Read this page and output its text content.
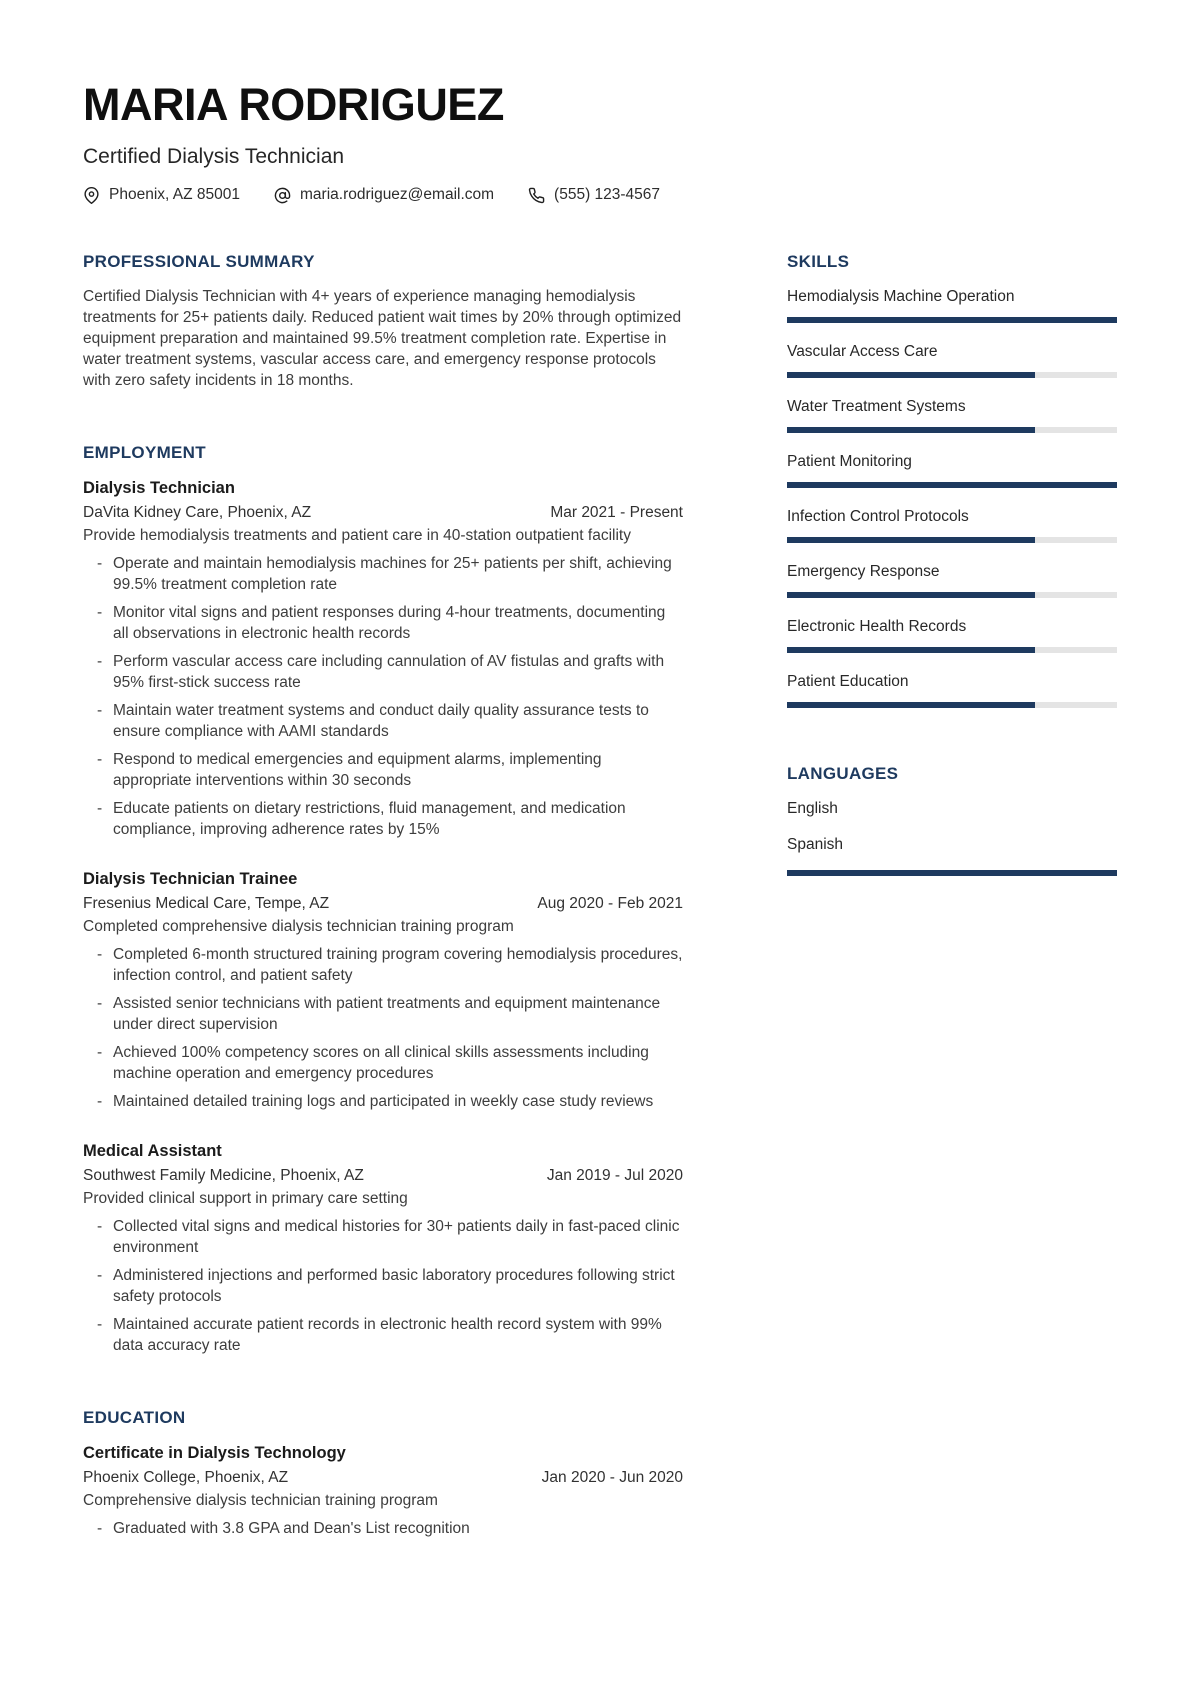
MARIA RODRIGUEZ
Certified Dialysis Technician
Phoenix, AZ 85001	maria.rodriguez@email.com	(555) 123-4567
PROFESSIONAL SUMMARY

Certified Dialysis Technician with 4+ years of experience managing hemodialysis treatments for 25+ patients daily. Reduced patient wait times by 20% through optimized equipment preparation and maintained 99.5% treatment completion rate. Expertise in water treatment systems, vascular access care, and emergency response protocols with zero safety incidents in 18 months.

EMPLOYMENT
Dialysis Technician
DaVita Kidney Care, Phoenix, AZ	Mar 2021 - Present
Provide hemodialysis treatments and patient care in 40-station outpatient facility
- Operate and maintain hemodialysis machines for 25+ patients per shift, achieving 99.5% treatment completion rate
- Monitor vital signs and patient responses during 4-hour treatments, documenting all observations in electronic health records
- Perform vascular access care including cannulation of AV fistulas and grafts with 95% first-stick success rate
- Maintain water treatment systems and conduct daily quality assurance tests to ensure compliance with AAMI standards
- Respond to medical emergencies and equipment alarms, implementing appropriate interventions within 30 seconds
- Educate patients on dietary restrictions, fluid management, and medication compliance, improving adherence rates by 15%
Dialysis Technician Trainee
Fresenius Medical Care, Tempe, AZ	Aug 2020 - Feb 2021
Completed comprehensive dialysis technician training program
- Completed 6-month structured training program covering hemodialysis procedures, infection control, and patient safety
- Assisted senior technicians with patient treatments and equipment maintenance under direct supervision
- Achieved 100% competency scores on all clinical skills assessments including machine operation and emergency procedures
- Maintained detailed training logs and participated in weekly case study reviews
Medical Assistant
Southwest Family Medicine, Phoenix, AZ	Jan 2019 - Jul 2020
Provided clinical support in primary care setting
- Collected vital signs and medical histories for 30+ patients daily in fast-paced clinic environment
- Administered injections and performed basic laboratory procedures following strict safety protocols
- Maintained accurate patient records in electronic health record system with 99% data accuracy rate
EDUCATION
Certificate in Dialysis Technology
Phoenix College, Phoenix, AZ	Jan 2020 - Jun 2020
Comprehensive dialysis technician training program
- Graduated with 3.8 GPA and Dean's List recognition
SKILLS
Hemodialysis Machine Operation
Vascular Access Care
Water Treatment Systems
Patient Monitoring
Infection Control Protocols
Emergency Response
Electronic Health Records
Patient Education
LANGUAGES
English
Spanish
